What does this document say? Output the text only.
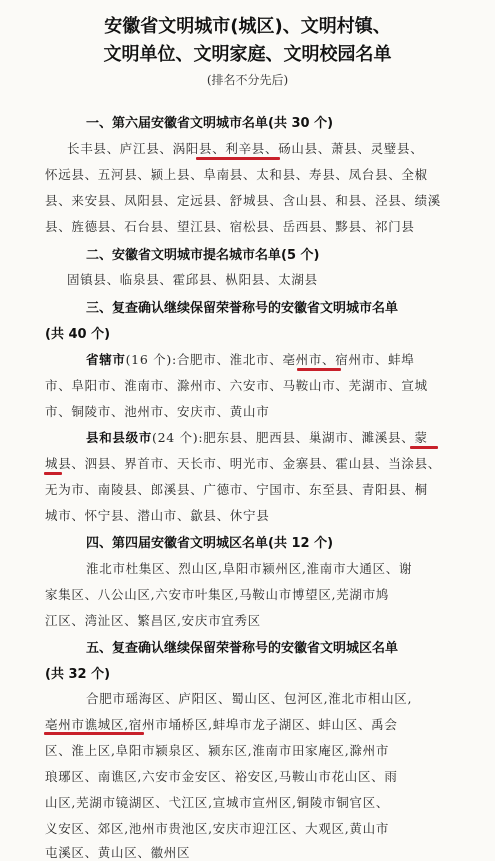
安徽省文明城市(城区)、文明村镇、
文明单位、文明家庭、文明校园名单
(排名不分先后)
一、第六届安徽省文明城市名单(共 30 个)
长丰县、庐江县、涡阳县、利辛县、砀山县、萧县、灵璧县、
怀远县、五河县、颍上县、阜南县、太和县、寿县、凤台县、全椒
县、来安县、凤阳县、定远县、舒城县、含山县、和县、泾县、绩溪
县、旌德县、石台县、望江县、宿松县、岳西县、黟县、祁门县
二、安徽省文明城市提名城市名单(5 个)
固镇县、临泉县、霍邱县、枞阳县、太湖县
三、复查确认继续保留荣誉称号的安徽省文明城市名单
(共 40 个)
省辖市(16 个):合肥市、淮北市、亳州市、宿州市、蚌埠
市、阜阳市、淮南市、滁州市、六安市、马鞍山市、芜湖市、宣城
市、铜陵市、池州市、安庆市、黄山市
县和县级市(24 个):肥东县、肥西县、巢湖市、濉溪县、蒙
城县、泗县、界首市、天长市、明光市、金寨县、霍山县、当涂县、
无为市、南陵县、郎溪县、广德市、宁国市、东至县、青阳县、桐
城市、怀宁县、潜山市、歙县、休宁县
四、第四届安徽省文明城区名单(共 12 个)
淮北市杜集区、烈山区,阜阳市颍州区,淮南市大通区、谢
家集区、八公山区,六安市叶集区,马鞍山市博望区,芜湖市鸠
江区、湾沚区、繁昌区,安庆市宜秀区
五、复查确认继续保留荣誉称号的安徽省文明城区名单
(共 32 个)
合肥市瑶海区、庐阳区、蜀山区、包河区,淮北市相山区,
亳州市谯城区,宿州市埇桥区,蚌埠市龙子湖区、蚌山区、禹会
区、淮上区,阜阳市颍泉区、颍东区,淮南市田家庵区,滁州市
琅琊区、南谯区,六安市金安区、裕安区,马鞍山市花山区、雨
山区,芜湖市镜湖区、弋江区,宣城市宣州区,铜陵市铜官区、
义安区、郊区,池州市贵池区,安庆市迎江区、大观区,黄山市
屯溪区、黄山区、徽州区
